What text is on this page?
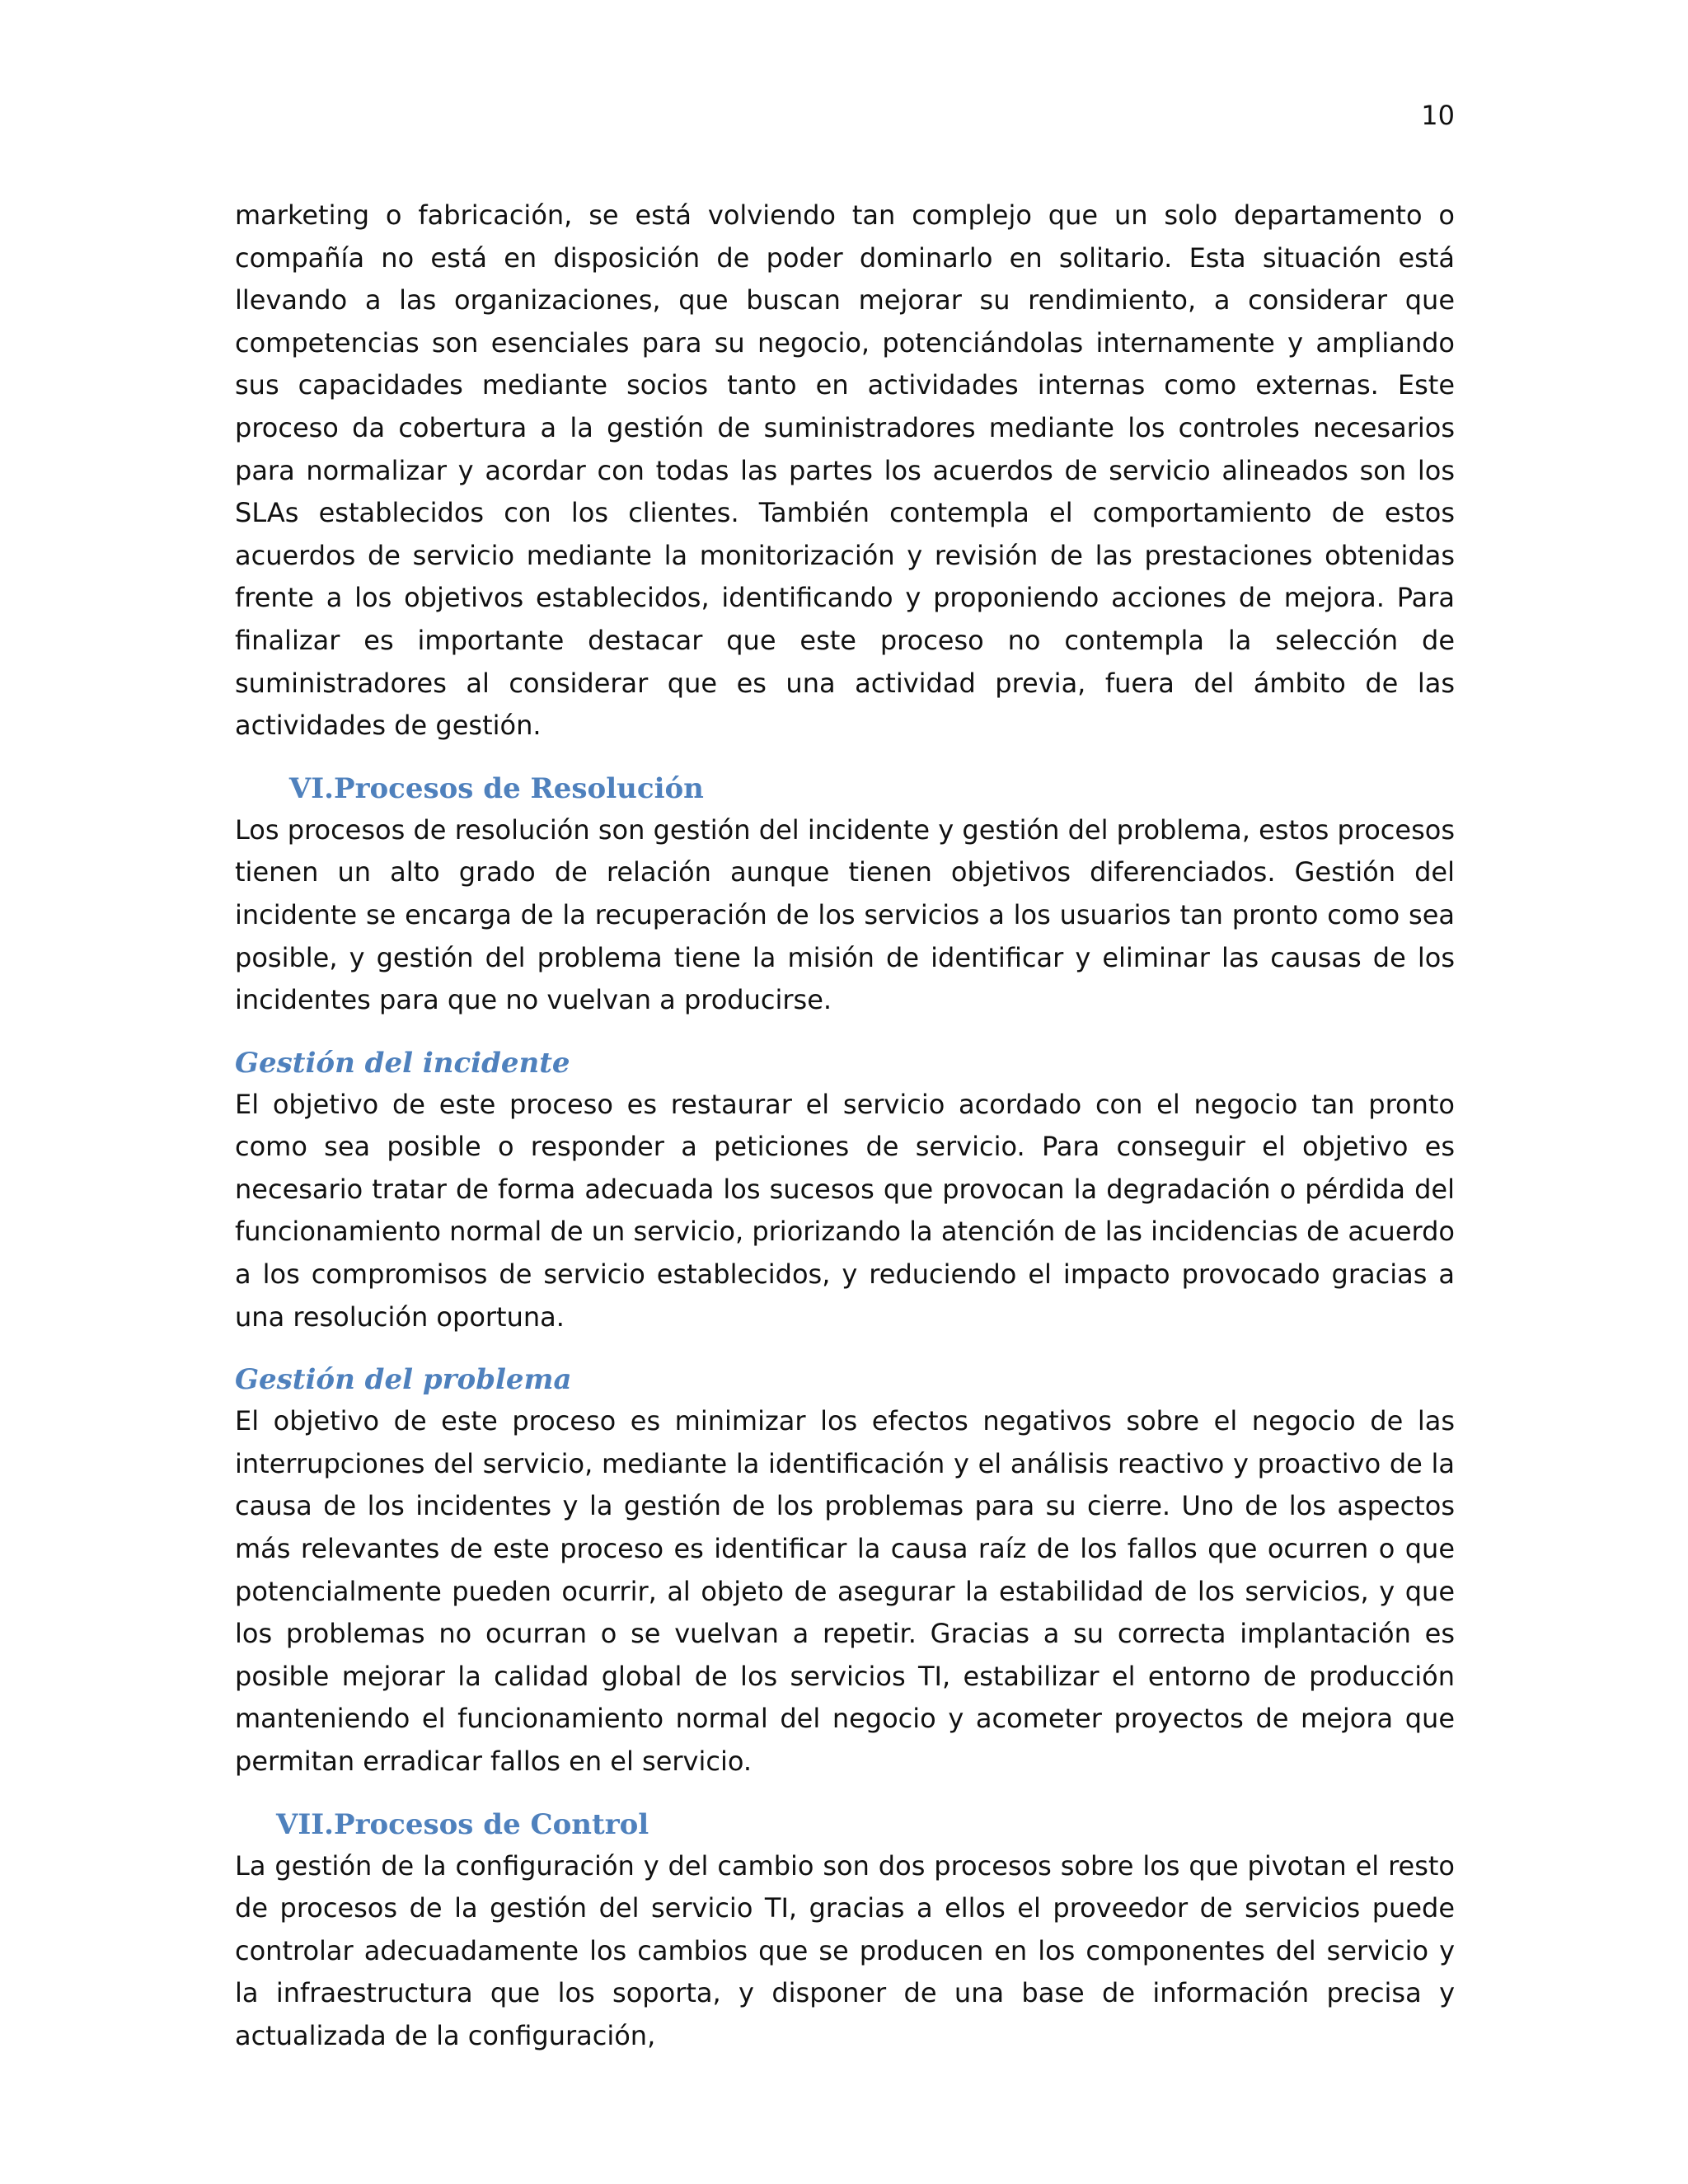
10

marketing o fabricación, se está volviendo tan complejo que un solo departamento o compañía no está en disposición de poder dominarlo en solitario. Esta situación está llevando a las organizaciones, que buscan mejorar su rendimiento, a considerar que competencias son esenciales para su negocio, potenciándolas internamente y ampliando sus capacidades mediante socios tanto en actividades internas como externas. Este proceso da cobertura a la gestión de suministradores mediante los controles necesarios para normalizar y acordar con todas las partes los acuerdos de servicio alineados son los SLAs establecidos con los clientes. También contempla el comportamiento de estos acuerdos de servicio mediante la monitorización y revisión de las prestaciones obtenidas frente a los objetivos establecidos, identificando y proponiendo acciones de mejora. Para finalizar es importante destacar que este proceso no contempla la selección de suministradores al considerar que es una actividad previa, fuera del ámbito de las actividades de gestión.

VI. Procesos de Resolución

Los procesos de resolución son gestión del incidente y gestión del problema, estos procesos tienen un alto grado de relación aunque tienen objetivos diferenciados. Gestión del incidente se encarga de la recuperación de los servicios a los usuarios tan pronto como sea posible, y gestión del problema tiene la misión de identificar y eliminar las causas de los incidentes para que no vuelvan a producirse.

Gestión del incidente

El objetivo de este proceso es restaurar el servicio acordado con el negocio tan pronto como sea posible o responder a peticiones de servicio. Para conseguir el objetivo es necesario tratar de forma adecuada los sucesos que provocan la degradación o pérdida del funcionamiento normal de un servicio, priorizando la atención de las incidencias de acuerdo a los compromisos de servicio establecidos, y reduciendo el impacto provocado gracias a una resolución oportuna.

Gestión del problema

El objetivo de este proceso es minimizar los efectos negativos sobre el negocio de las interrupciones del servicio, mediante la identificación y el análisis reactivo y proactivo de la causa de los incidentes y la gestión de los problemas para su cierre. Uno de los aspectos más relevantes de este proceso es identificar la causa raíz de los fallos que ocurren o que potencialmente pueden ocurrir, al objeto de asegurar la estabilidad de los servicios, y que los problemas no ocurran o se vuelvan a repetir. Gracias a su correcta implantación es posible mejorar la calidad global de los servicios TI, estabilizar el entorno de producción manteniendo el funcionamiento normal del negocio y acometer proyectos de mejora que permitan erradicar fallos en el servicio.

VII. Procesos de Control

La gestión de la configuración y del cambio son dos procesos sobre los que pivotan el resto de procesos de la gestión del servicio TI, gracias a ellos el proveedor de servicios puede controlar adecuadamente los cambios que se producen en los componentes del servicio y la infraestructura que los soporta, y disponer de una base de información precisa y actualizada de la configuración,
